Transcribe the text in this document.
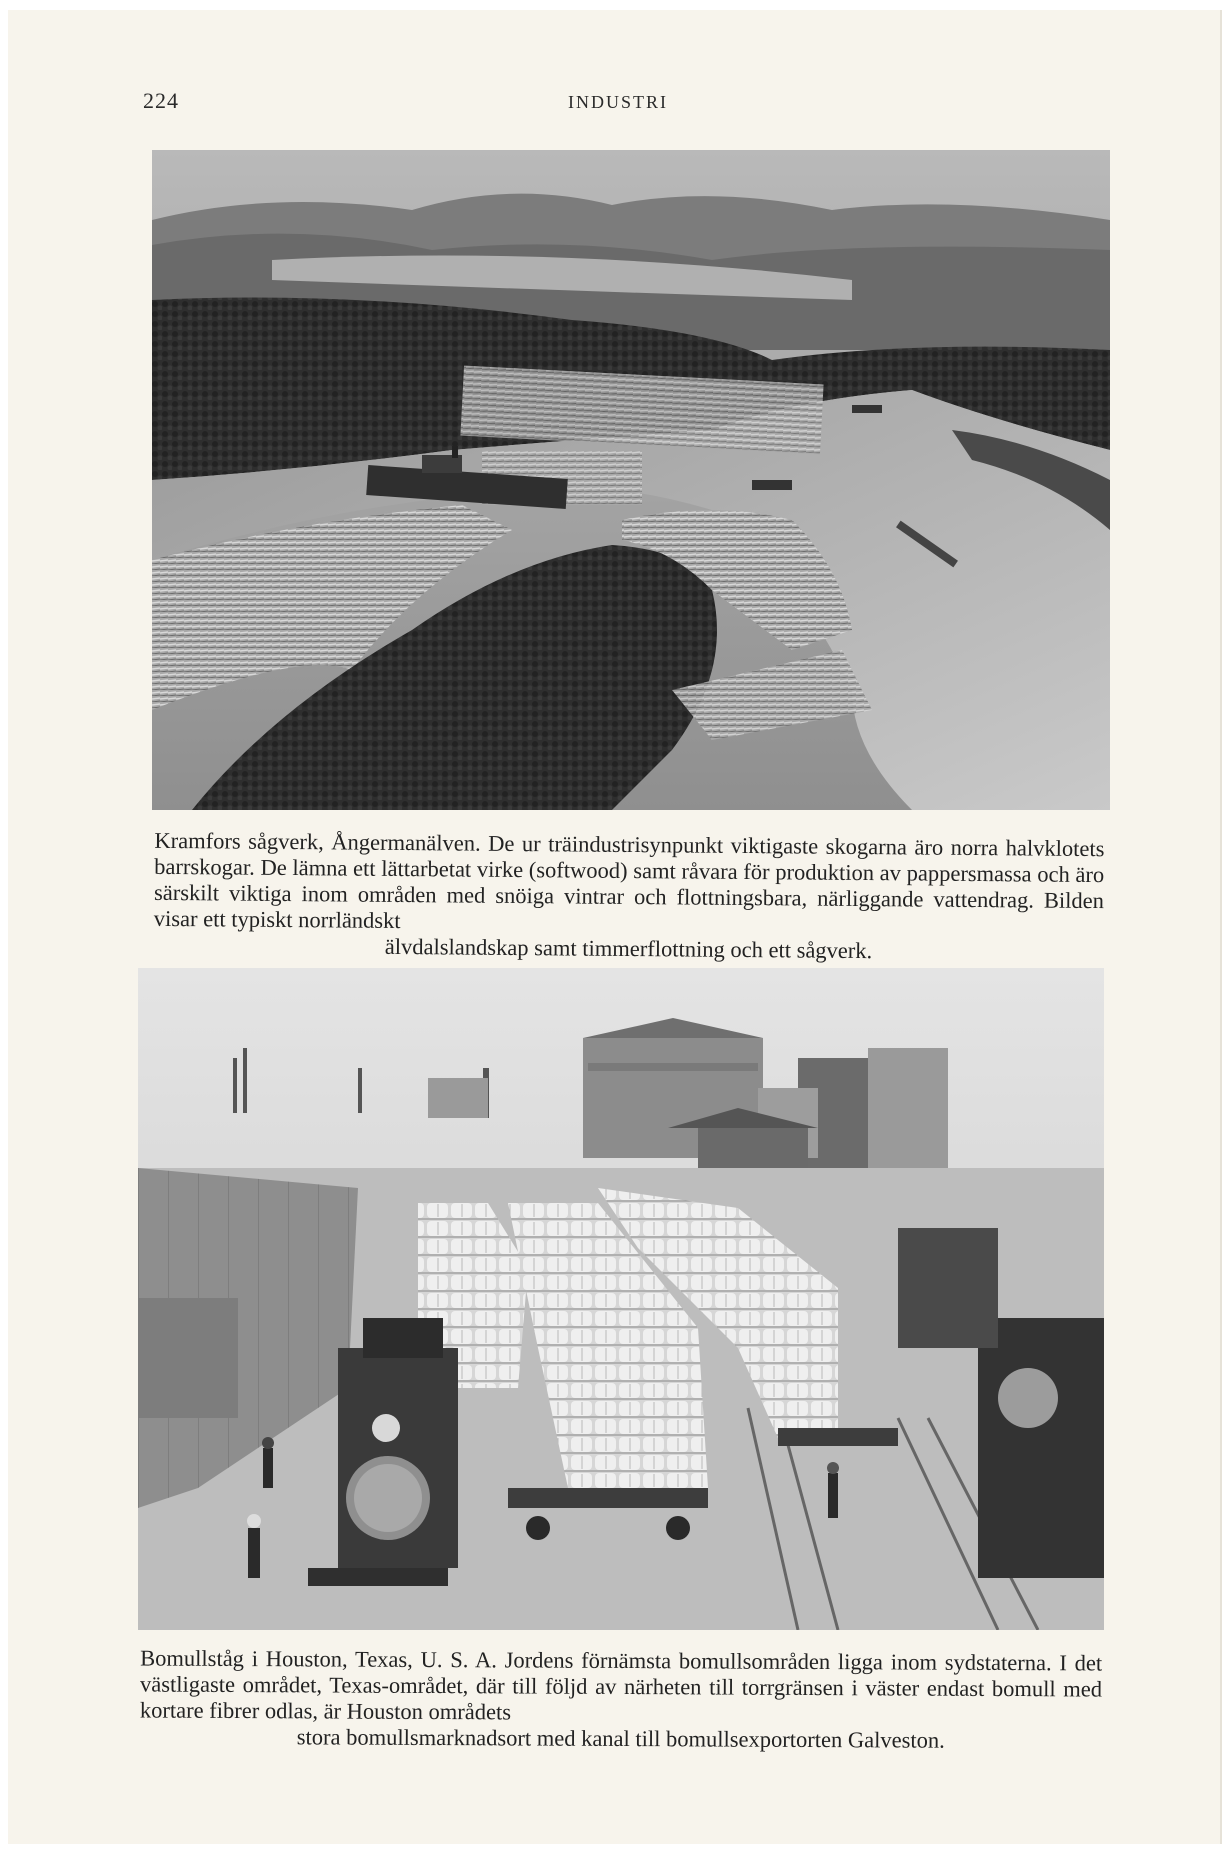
224	INDUSTRI

Kramfors sågverk, Ångermanälven. De ur träindustrisynpunkt viktigaste skogarna äro norra halvklotets barrskogar. De lämna ett lättarbetat virke (softwood) samt råvara för produktion av pappersmassa och äro särskilt viktiga inom områden med snöiga vintrar och flottningsbara, närliggande vattendrag. Bilden visar ett typiskt norrländskt
älvdalslandskap samt timmerflottning och ett sågverk.

Bomullståg i Houston, Texas, U. S. A. Jordens förnämsta bomullsområden ligga inom sydstaterna. I det västligaste området, Texas-området, där till följd av närheten till torrgränsen i väster endast bomull med kortare fibrer odlas, är Houston områdets
stora bomullsmarknadsort med kanal till bomullsexportorten Galveston.
